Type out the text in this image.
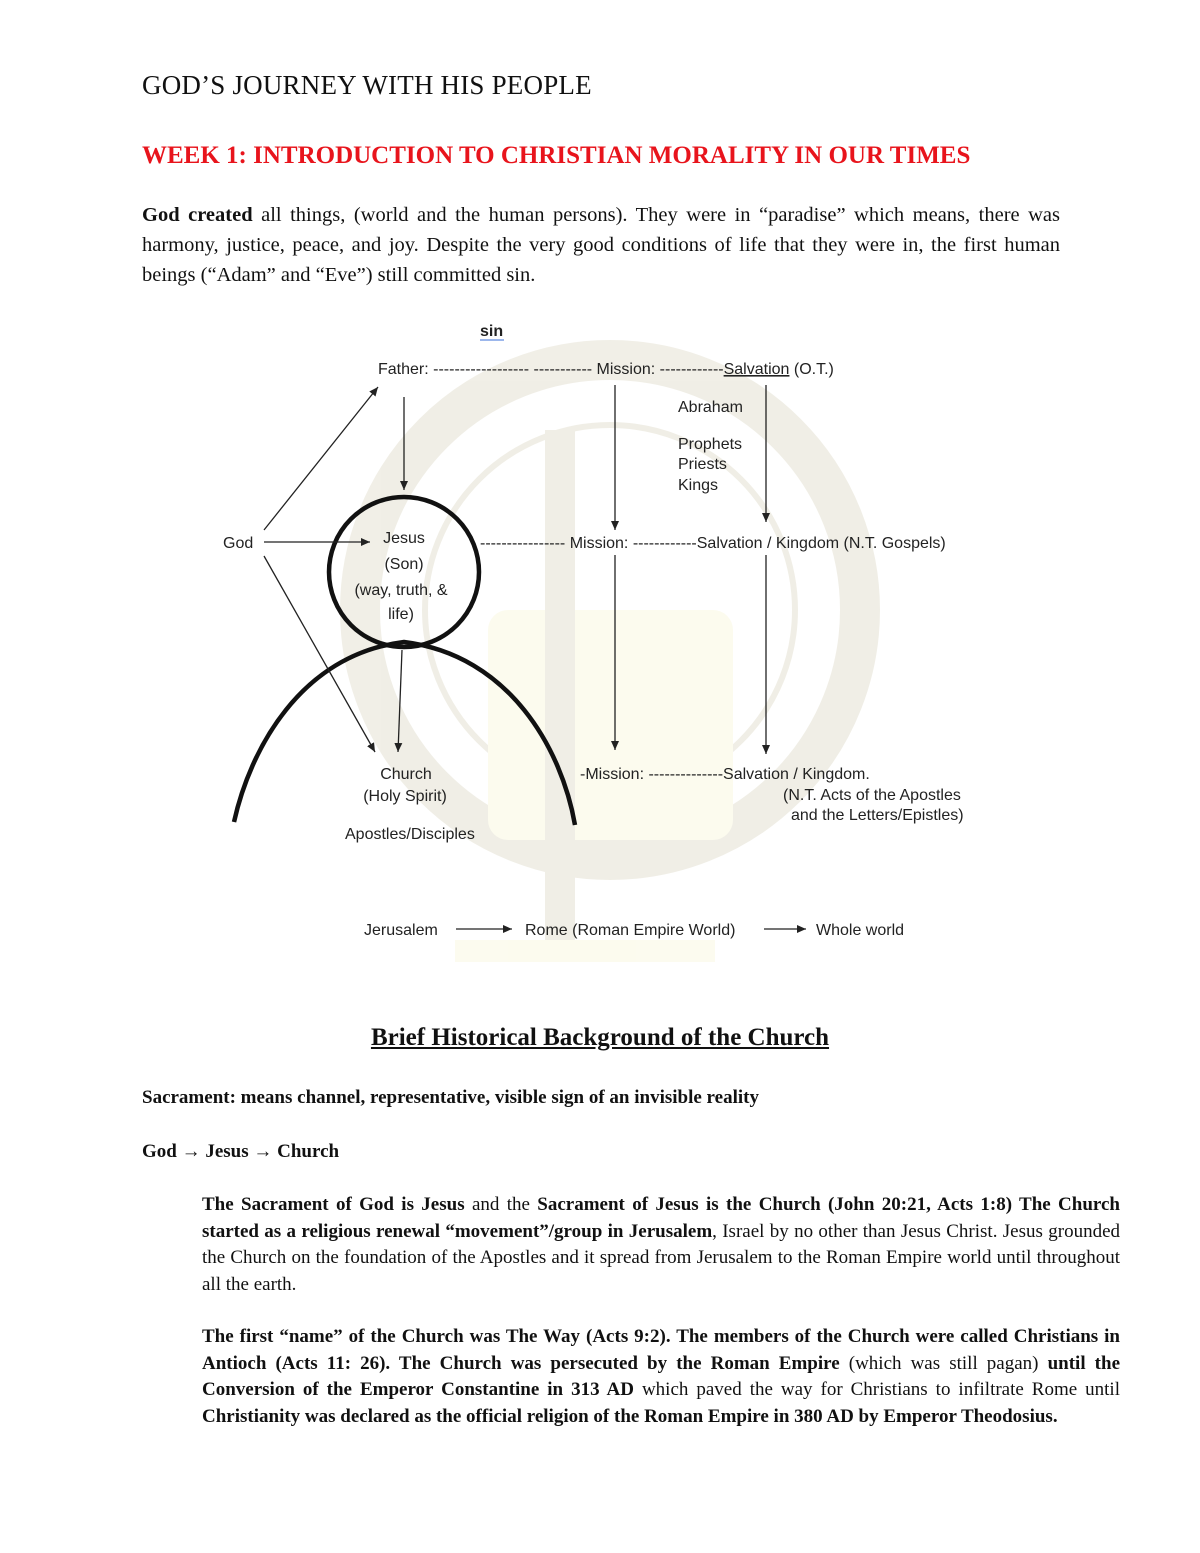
GOD’S JOURNEY WITH HIS PEOPLE
WEEK 1: INTRODUCTION TO CHRISTIAN MORALITY IN OUR TIMES
God created all things, (world and the human persons). They were in “paradise” which means, there was harmony, justice, peace, and joy. Despite the very good conditions of life that they were in, the first human beings (“Adam” and “Eve”) still committed sin.
sin
Father: ------------------ ----------- Mission: ------------Salvation (O.T.)
Abraham
Prophets
Priests
Kings
God	Jesus
(Son)
(way, truth, &
life)
---------------- Mission: ------------Salvation / Kingdom (N.T. Gospels)
Church
(Holy Spirit)
Apostles/Disciples
-Mission: --------------Salvation / Kingdom.
(N.T. Acts of the Apostles
and the Letters/Epistles)
Jerusalem	Rome (Roman Empire World)	Whole world
Brief Historical Background of the Church
Sacrament: means channel, representative, visible sign of an invisible reality
God → Jesus → Church
The Sacrament of God is Jesus and the Sacrament of Jesus is the Church (John 20:21, Acts 1:8) The Church started as a religious renewal “movement”/group in Jerusalem, Israel by no other than Jesus Christ. Jesus grounded the Church on the foundation of the Apostles and it spread from Jerusalem to the Roman Empire world until throughout all the earth.
The first “name” of the Church was The Way (Acts 9:2). The members of the Church were called Christians in Antioch (Acts 11: 26). The Church was persecuted by the Roman Empire (which was still pagan) until the Conversion of the Emperor Constantine in 313 AD which paved the way for Christians to infiltrate Rome until Christianity was declared as the official religion of the Roman Empire in 380 AD by Emperor Theodosius.
